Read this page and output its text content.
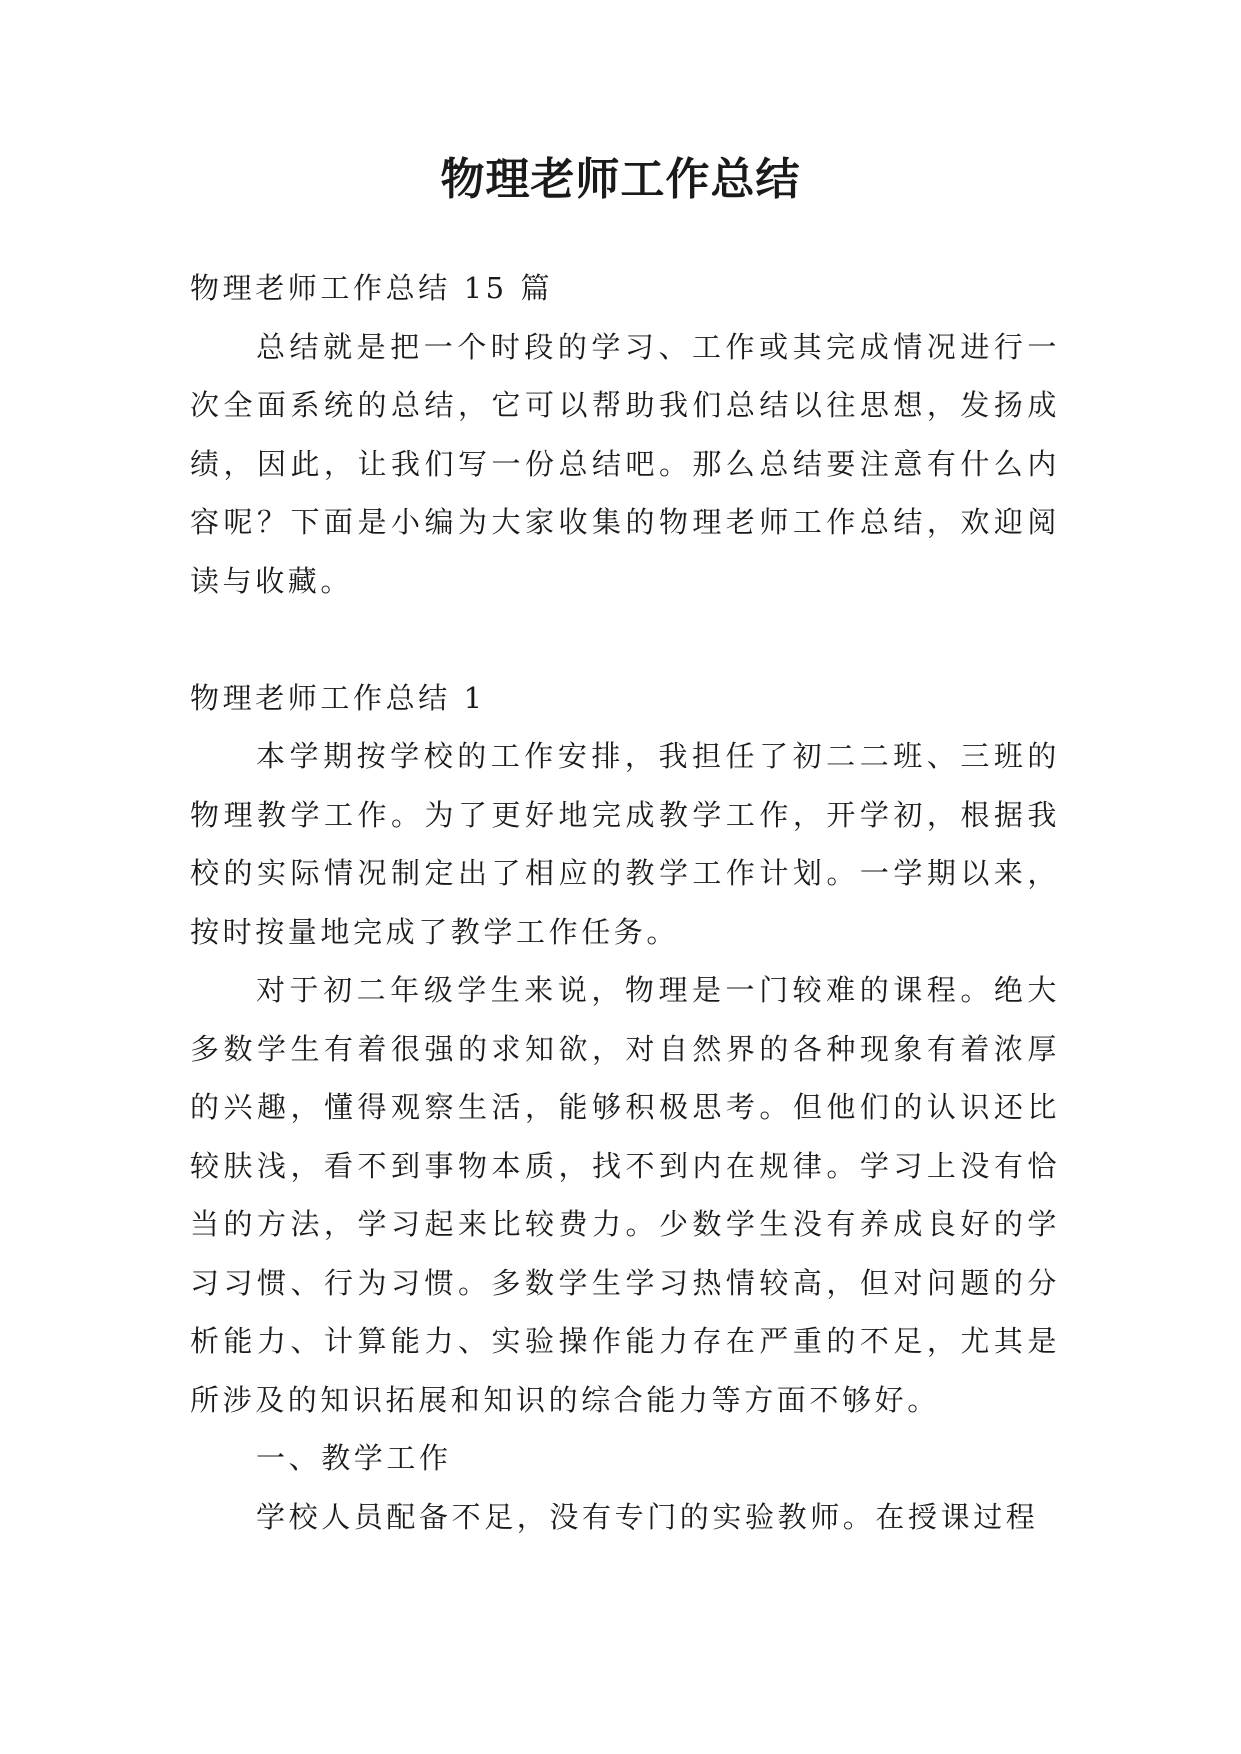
物理老师工作总结

物理老师工作总结 15 篇

总结就是把一个时段的学习、工作或其完成情况进行一次全面系统的总结，它可以帮助我们总结以往思想，发扬成绩，因此，让我们写一份总结吧。那么总结要注意有什么内容呢？下面是小编为大家收集的物理老师工作总结，欢迎阅读与收藏。

物理老师工作总结 1

本学期按学校的工作安排，我担任了初二二班、三班的物理教学工作。为了更好地完成教学工作，开学初，根据我校的实际情况制定出了相应的教学工作计划。一学期以来，按时按量地完成了教学工作任务。

对于初二年级学生来说，物理是一门较难的课程。绝大多数学生有着很强的求知欲，对自然界的各种现象有着浓厚的兴趣，懂得观察生活，能够积极思考。但他们的认识还比较肤浅，看不到事物本质，找不到内在规律。学习上没有恰当的方法，学习起来比较费力。少数学生没有养成良好的学习习惯、行为习惯。多数学生学习热情较高，但对问题的分析能力、计算能力、实验操作能力存在严重的不足，尤其是所涉及的知识拓展和知识的综合能力等方面不够好。

一、教学工作

学校人员配备不足，没有专门的实验教师。在授课过程
